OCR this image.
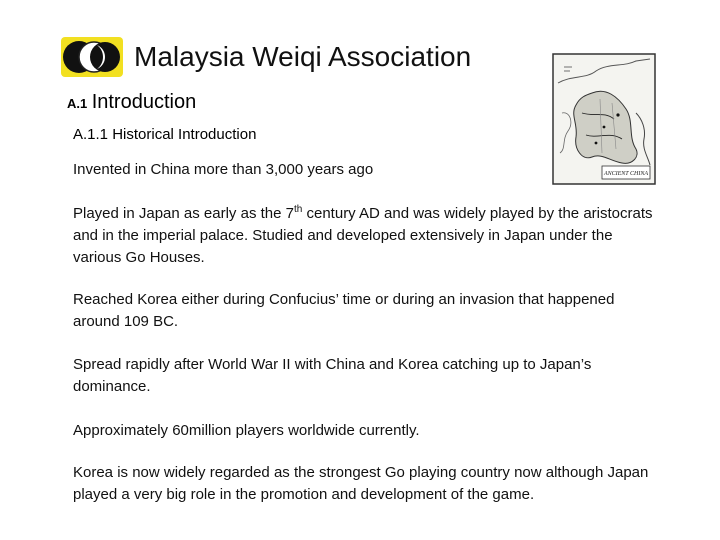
Malaysia Weiqi Association
A.1 Introduction
A.1.1 Historical Introduction
ANCIENT CHINA

Invented in China more than 3,000 years ago

Played in Japan as early as the 7th century AD and was widely played by the aristocrats and in the imperial palace. Studied and developed extensively in Japan under the various Go Houses.

Reached Korea either during Confucius’ time or during an invasion that happened around 109 BC.

Spread rapidly after World War II with China and Korea catching up to Japan’s dominance.

Approximately 60million players worldwide currently.

Korea is now widely regarded as the strongest Go playing country now although Japan played a very big role in the promotion and development of the game.
